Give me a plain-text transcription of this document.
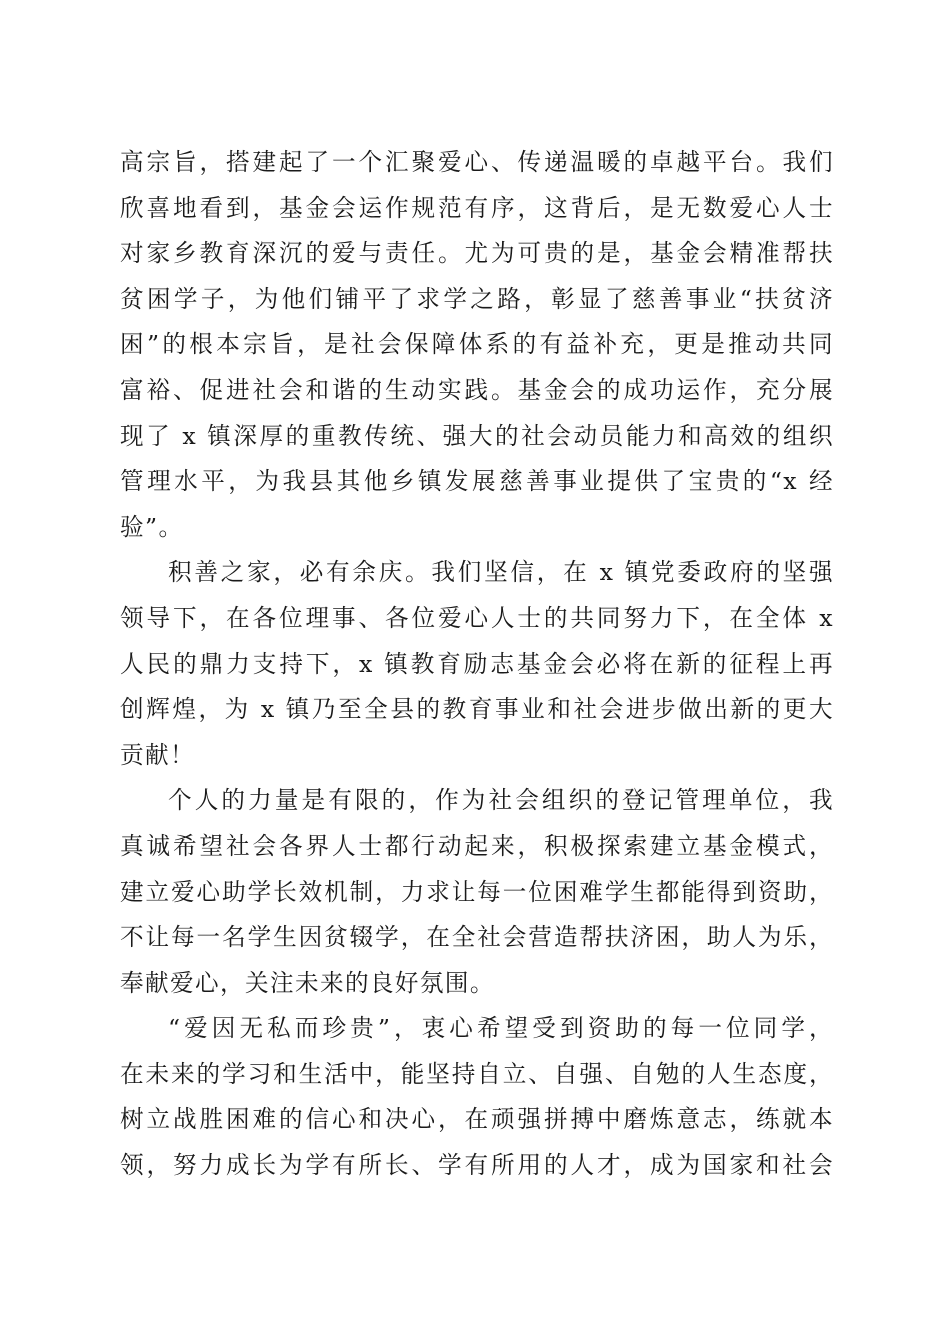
高宗旨，搭建起了一个汇聚爱心、传递温暖的卓越平台。我们
欣喜地看到，基金会运作规范有序，这背后，是无数爱心人士
对家乡教育深沉的爱与责任。尤为可贵的是，基金会精准帮扶
贫困学子，为他们铺平了求学之路，彰显了慈善事业“扶贫济
困”的根本宗旨，是社会保障体系的有益补充，更是推动共同
富裕、促进社会和谐的生动实践。基金会的成功运作，充分展
现了 x 镇深厚的重教传统、强大的社会动员能力和高效的组织
管理水平，为我县其他乡镇发展慈善事业提供了宝贵的“x 经
验”。
积善之家，必有余庆。我们坚信，在 x 镇党委政府的坚强
领导下，在各位理事、各位爱心人士的共同努力下，在全体 x
人民的鼎力支持下，x 镇教育励志基金会必将在新的征程上再
创辉煌，为 x 镇乃至全县的教育事业和社会进步做出新的更大
贡献！
个人的力量是有限的，作为社会组织的登记管理单位，我
真诚希望社会各界人士都行动起来，积极探索建立基金模式，
建立爱心助学长效机制，力求让每一位困难学生都能得到资助，
不让每一名学生因贫辍学，在全社会营造帮扶济困，助人为乐，
奉献爱心，关注未来的良好氛围。
“爱因无私而珍贵”，衷心希望受到资助的每一位同学，
在未来的学习和生活中，能坚持自立、自强、自勉的人生态度，
树立战胜困难的信心和决心，在顽强拼搏中磨炼意志，练就本
领，努力成长为学有所长、学有所用的人才，成为国家和社会
